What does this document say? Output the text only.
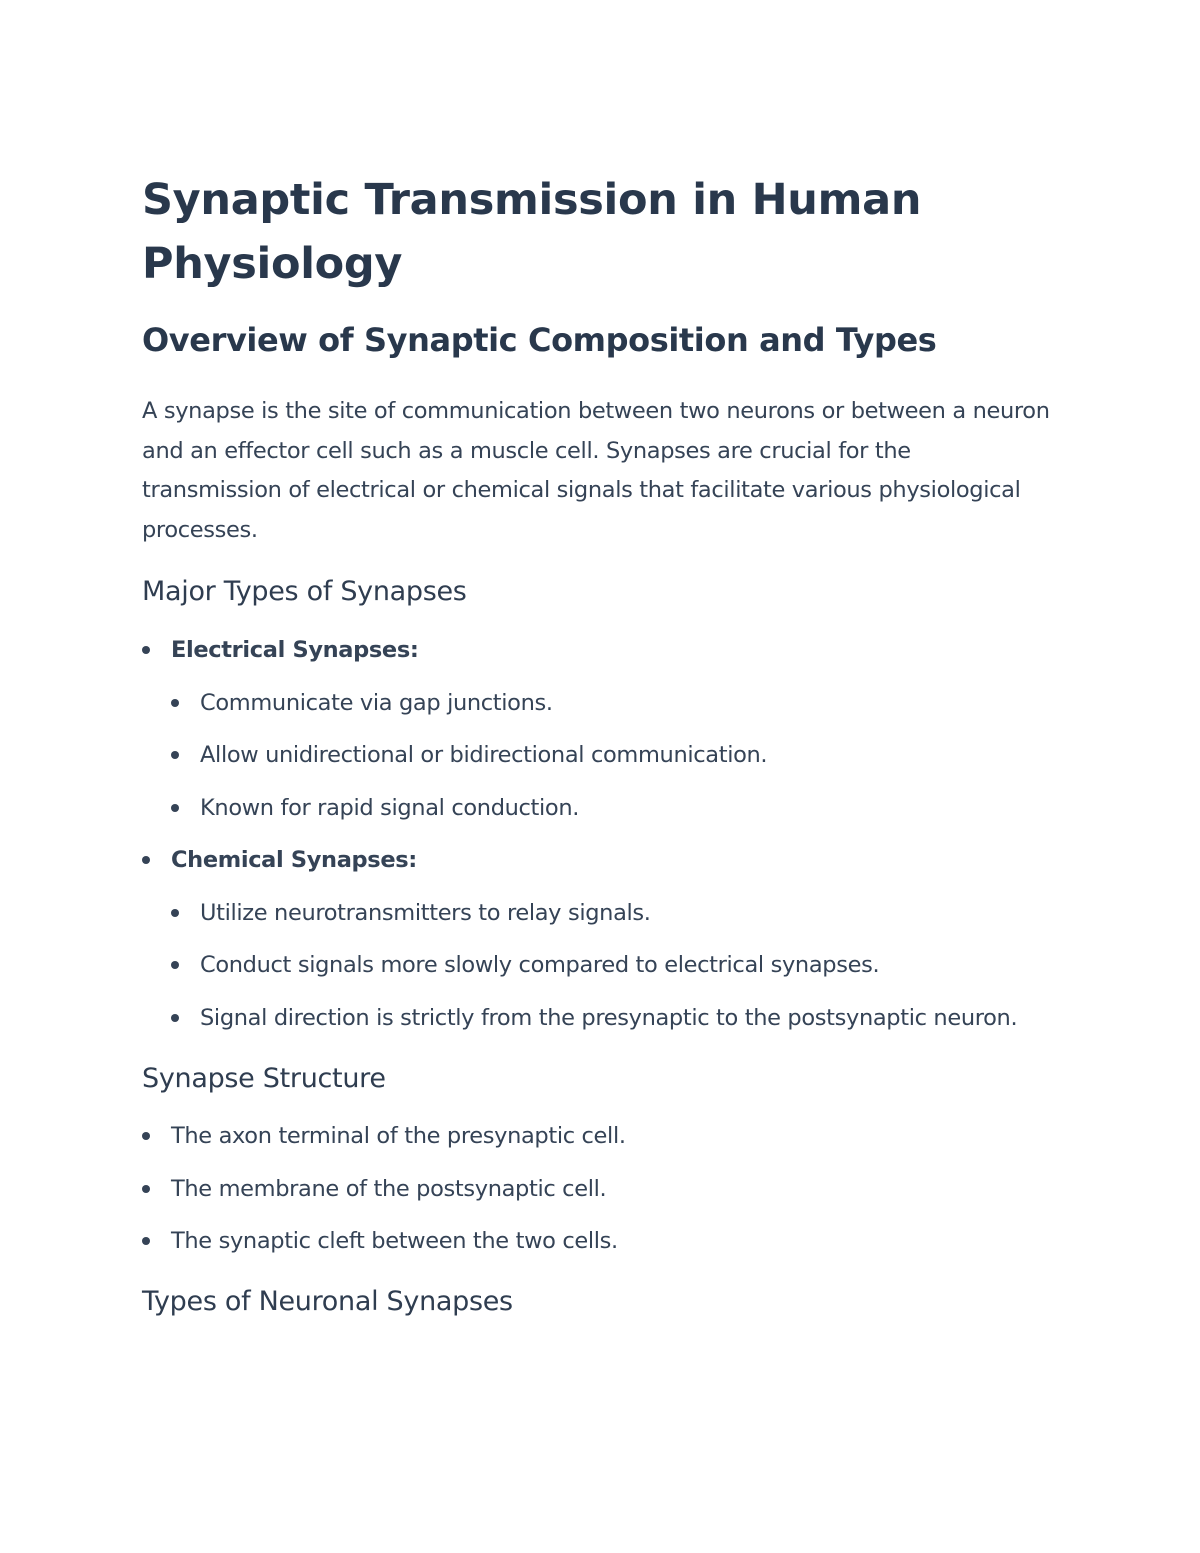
Synaptic Transmission in Human Physiology
Overview of Synaptic Composition and Types

A synapse is the site of communication between two neurons or between a neuron and an effector cell such as a muscle cell. Synapses are crucial for the transmission of electrical or chemical signals that facilitate various physiological processes.

Major Types of Synapses
Electrical Synapses:
Communicate via gap junctions.
Allow unidirectional or bidirectional communication.
Known for rapid signal conduction.
Chemical Synapses:
Utilize neurotransmitters to relay signals.
Conduct signals more slowly compared to electrical synapses.
Signal direction is strictly from the presynaptic to the postsynaptic neuron.
Synapse Structure
The axon terminal of the presynaptic cell.
The membrane of the postsynaptic cell.
The synaptic cleft between the two cells.
Types of Neuronal Synapses
